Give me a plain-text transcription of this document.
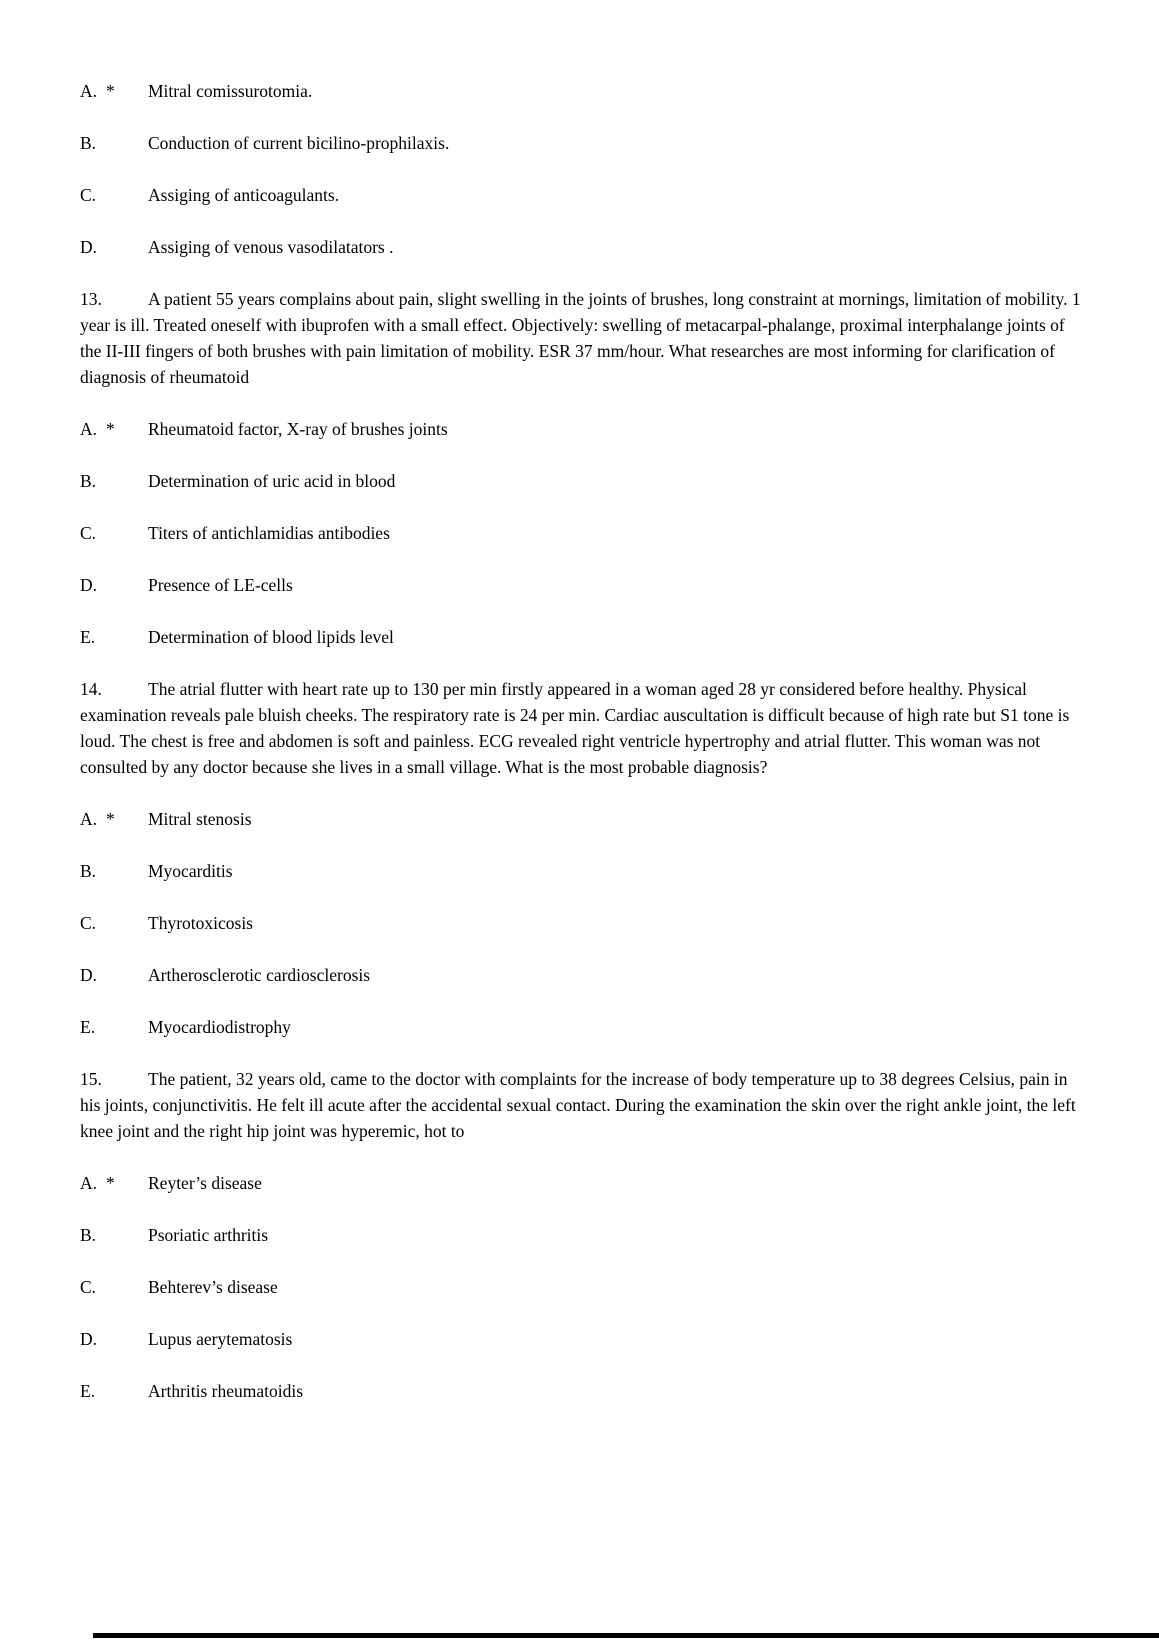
A. *	Mitral comissurotomia.
B.	Conduction of current bicilino-prophilaxis.
C.	Assiging of anticoagulants.
D.	Assiging of venous vasodilatators .

13.	A patient 55 years complains about pain, slight swelling in the joints of brushes, long constraint at mornings, limitation of mobility. 1 year is ill. Treated oneself with ibuprofen with a small effect. Objectively: swelling of metacarpal-phalange, proximal interphalange joints of the II-III fingers of both brushes with pain limitation of mobility. ESR 37 mm/hour. What researches are most informing for clarification of diagnosis of rheumatoid

A. *	Rheumatoid factor, X-ray of brushes joints
B.	Determination of uric acid in blood
C.	Titers of antichlamidias antibodies
D.	Presence of LE-cells
E.	Determination of blood lipids level

14.	The atrial flutter with heart rate up to 130 per min firstly appeared in a woman aged 28 yr considered before healthy. Physical examination reveals pale bluish cheeks. The respiratory rate is 24 per min. Cardiac auscultation is difficult because of high rate but S1 tone is loud. The chest is free and abdomen is soft and painless. ECG revealed right ventricle hypertrophy and atrial flutter. This woman was not consulted by any doctor because she lives in a small village. What is the most probable diagnosis?

A. *	Mitral stenosis
B.	Myocarditis
C.	Thyrotoxicosis
D.	Artherosclerotic cardiosclerosis
E.	Myocardiodistrophy

15.	The patient, 32 years old, came to the doctor with complaints for the increase of body temperature up to 38 degrees Celsius, pain in his joints, conjunctivitis. He felt ill acute after the accidental sexual contact. During the examination the skin over the right ankle joint, the left knee joint and the right hip joint was hyperemic, hot to

A. *	Reyter’s disease
B.	Psoriatic arthritis
C.	Behterev’s disease
D.	Lupus aerytematosis
E.	Arthritis rheumatoidis
